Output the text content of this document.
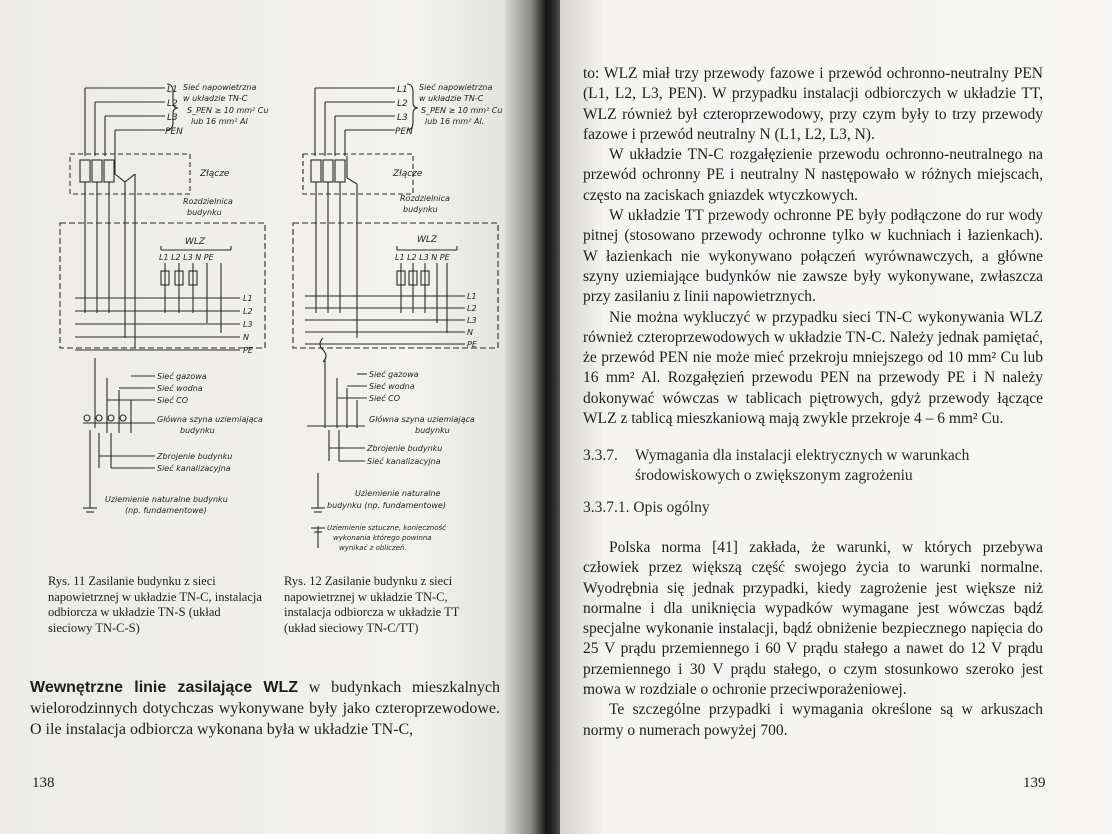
L1
L2
L3
PEN
Sieć napowietrzna
w układzie TN-C
S_PEN ≥ 10 mm² Cu
lub 16 mm² Al
Złącze
Rozdzielnica
budynku
WLZ
L1 L2 L3 N PE
L1
L2
L3
N
PE
Sieć gazowa
Sieć wodna
Sieć CO
Główna szyna uziemiająca
budynku
Zbrojenie budynku
Sieć kanalizacyjna
Uziemienie naturalne budynku
(np. fundamentowe)
L1
L2
L3
PEN
Sieć napowietrzna
w układzie TN-C
S_PEN ≥ 10 mm² Cu
lub 16 mm² Al.
Złącze
Rozdzielnica
budynku
WLZ
L1 L2 L3 N PE
L1
L2
L3
N
PE
Sieć gazowa
Sieć wodna
Sieć CO
Główna szyna uziemiająca
budynku
Zbrojenie budynku
Sieć kanalizacyjna
Uziemienie naturalne
budynku (np. fundamentowe)
Uziemienie sztuczne, konieczność
wykonania którego powinna
wynikać z obliczeń.
Rys. 11 Zasilanie budynku z sieci napowietrznej w układzie TN-C, instalacja odbiorcza w układzie TN-S (układ sieciowy TN-C-S)
Rys. 12 Zasilanie budynku z sieci napowietrznej w układzie TN-C, instalacja odbiorcza w układzie TT (układ sieciowy TN-C/TT)
Wewnętrzne linie zasilające WLZ w budynkach mieszkalnych wielorodzinnych dotychczas wykonywane były jako czteroprzewodowe. O ile instalacja odbiorcza wykonana była w układzie TN-C,
138

to: WLZ miał trzy przewody fazowe i przewód ochronno-neutralny PEN (L1, L2, L3, PEN). W przypadku instalacji odbiorczych w układzie TT, WLZ również był czteroprzewodowy, przy czym były to trzy przewody fazowe i przewód neutralny N (L1, L2, L3, N).

W układzie TN-C rozgałęzienie przewodu ochronno-neutralnego na przewód ochronny PE i neutralny N następowało w różnych miejscach, często na zaciskach gniazdek wtyczkowych.

W układzie TT przewody ochronne PE były podłączone do rur wody pitnej (stosowano przewody ochronne tylko w kuchniach i łazienkach). W łazienkach nie wykonywano połączeń wyrównawczych, a główne szyny uziemiające budynków nie zawsze były wykonywane, zwłaszcza przy zasilaniu z linii napowietrznych.

Nie można wykluczyć w przypadku sieci TN-C wykonywania WLZ również czteroprzewodowych w układzie TN-C. Należy jednak pamiętać, że przewód PEN nie może mieć przekroju mniejszego od 10 mm² Cu lub 16 mm² Al. Rozgałęzień przewodu PEN na przewody PE i N należy dokonywać wówczas w tablicach piętrowych, gdyż przewody łączące WLZ z tablicą mieszkaniową mają zwykle przekroje 4 – 6 mm² Cu.

3.3.7. Wymagania dla instalacji elektrycznych w warunkach środowiskowych o zwiększonym zagrożeniu
3.3.7.1. Opis ogólny

Polska norma [41] zakłada, że warunki, w których przebywa człowiek przez większą część swojego życia to warunki normalne. Wyodrębnia się jednak przypadki, kiedy zagrożenie jest większe niż normalne i dla uniknięcia wypadków wymagane jest wówczas bądź specjalne wykonanie instalacji, bądź obniżenie bezpiecznego napięcia do 25 V prądu przemiennego i 60 V prądu stałego a nawet do 12 V prądu przemiennego i 30 V prądu stałego, o czym stosunkowo szeroko jest mowa w rozdziale o ochronie przeciwporażeniowej.

Te szczególne przypadki i wymagania określone są w arkuszach normy o numerach powyżej 700.

139
